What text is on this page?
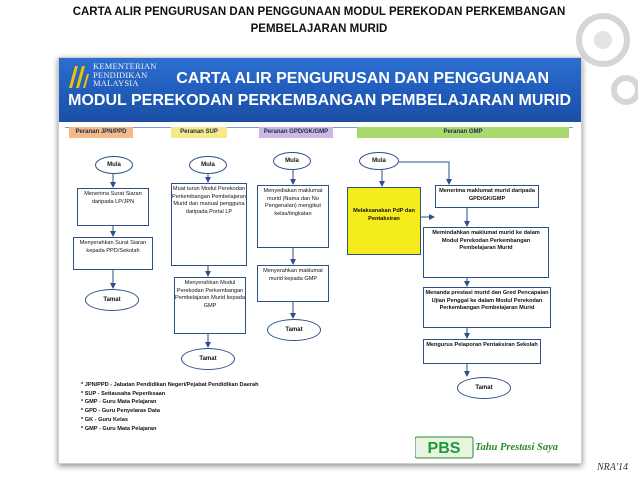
CARTA ALIR PENGURUSAN DAN PENGGUNAAN MODUL PEREKODAN PERKEMBANGAN
PEMBELAJARAN MURID
KEMENTERIAN
PENDIDIKAN
MALAYSIA	CARTA ALIR PENGURUSAN DAN PENGGUNAAN
MODUL PEREKODAN PERKEMBANGAN PEMBELAJARAN MURID
Peranan JPN/PPD	Peranan SUP	Peranan GPD/GK/GMP	Peranan GMP
Mula
Menerima Surat Siaran daripada LP/JPN
Menyerahkan Surat Siaran kepada PPD/Sekolah
Tamat
Mula
Muat turun Modul Perekodan Perkembangan Pembelajaran Murid dan manual pengguna daripada Portal LP
Menyerahkan Modul Perekodan Perkembangan Pembelajaran Murid kepada GMP
Tamat
Mula
Menyediakan maklumat murid (Nama dan No Pengenalan) mengikut kelas/tingkatan
Menyerahkan maklumat murid kepada GMP
Tamat
Mula
Melaksanakan PdP dan Pentaksiran
Menerima maklumat murid daripada GPD/GK/GMP
Memindahkan maklumat murid ke dalam Modul Perekodan Perkembangan Pembelajaran Murid
Menanda prestasi murid dan Gred Pencapaian Ujian Penggal ke dalam Modul Perekodan Perkembangan Pembelajaran Murid
Mengurus Pelaporan Pentaksiran Sekolah
Tamat
* JPN/PPD - Jabatan Pendidikan Negeri/Pejabat Pendidikan Daerah
* SUP - Setiausaha Peperiksaan
* GMP - Guru Mata Pelajaran
* GPD - Guru Penyelaras Data
* GK - Guru Kelas
* GMP - Guru Mata Pelajaran
PBS Tahu Prestasi Saya
NRA'14
